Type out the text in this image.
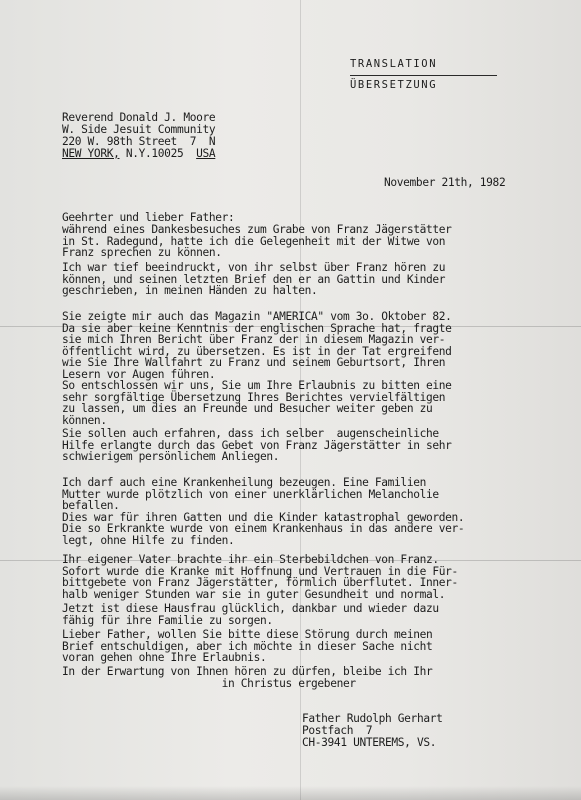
TRANSLATION
ÜBERSETZUNG
Reverend Donald J. Moore
W. Side Jesuit Community
220 W. 98th Street  7  N
NEW YORK, N.Y.10025  USA
November 21th, 1982
Geehrter und lieber Father:
während eines Dankesbesuches zum Grabe von Franz Jägerstätter
in St. Radegund, hatte ich die Gelegenheit mit der Witwe von
Franz sprechen zu können.
Ich war tief beeindruckt, von ihr selbst über Franz hören zu
können, und seinen letzten Brief den er an Gattin und Kinder
geschrieben, in meinen Händen zu halten.
Sie zeigte mir auch das Magazin "AMERICA" vom 3o. Oktober 82.
Da sie aber keine Kenntnis der englischen Sprache hat, fragte
sie mich Ihren Bericht über Franz der in diesem Magazin ver-
öffentlicht wird, zu übersetzen. Es ist in der Tat ergreifend
wie Sie Ihre Wallfahrt zu Franz und seinem Geburtsort, Ihren
Lesern vor Augen führen.
So entschlossen wir uns, Sie um Ihre Erlaubnis zu bitten eine
sehr sorgfältige Übersetzung Ihres Berichtes vervielfältigen
zu lassen, um dies an Freunde und Besucher weiter geben zu
können.
Sie sollen auch erfahren, dass ich selber  augenscheinliche
Hilfe erlangte durch das Gebet von Franz Jägerstätter in sehr
schwierigem persönlichem Anliegen.
Ich darf auch eine Krankenheilung bezeugen. Eine Familien
Mutter wurde plötzlich von einer unerklärlichen Melancholie
befallen.
Dies war für ihren Gatten und die Kinder katastrophal geworden.
Die so Erkrankte wurde von einem Krankenhaus in das andere ver-
legt, ohne Hilfe zu finden.
Ihr eigener Vater brachte ihr ein Sterbebildchen von Franz.
Sofort wurde die Kranke mit Hoffnung und Vertrauen in die Für-
bittgebete von Franz Jägerstätter, förmlich überflutet. Inner-
halb weniger Stunden war sie in guter Gesundheit und normal.
Jetzt ist diese Hausfrau glücklich, dankbar und wieder dazu
fähig für ihre Familie zu sorgen.
Lieber Father, wollen Sie bitte diese Störung durch meinen
Brief entschuldigen, aber ich möchte in dieser Sache nicht
voran gehen ohne Ihre Erlaubnis.
In der Erwartung von Ihnen hören zu dürfen, bleibe ich Ihr
in Christus ergebener
Father Rudolph Gerhart
Postfach  7
CH-3941 UNTEREMS, VS.
